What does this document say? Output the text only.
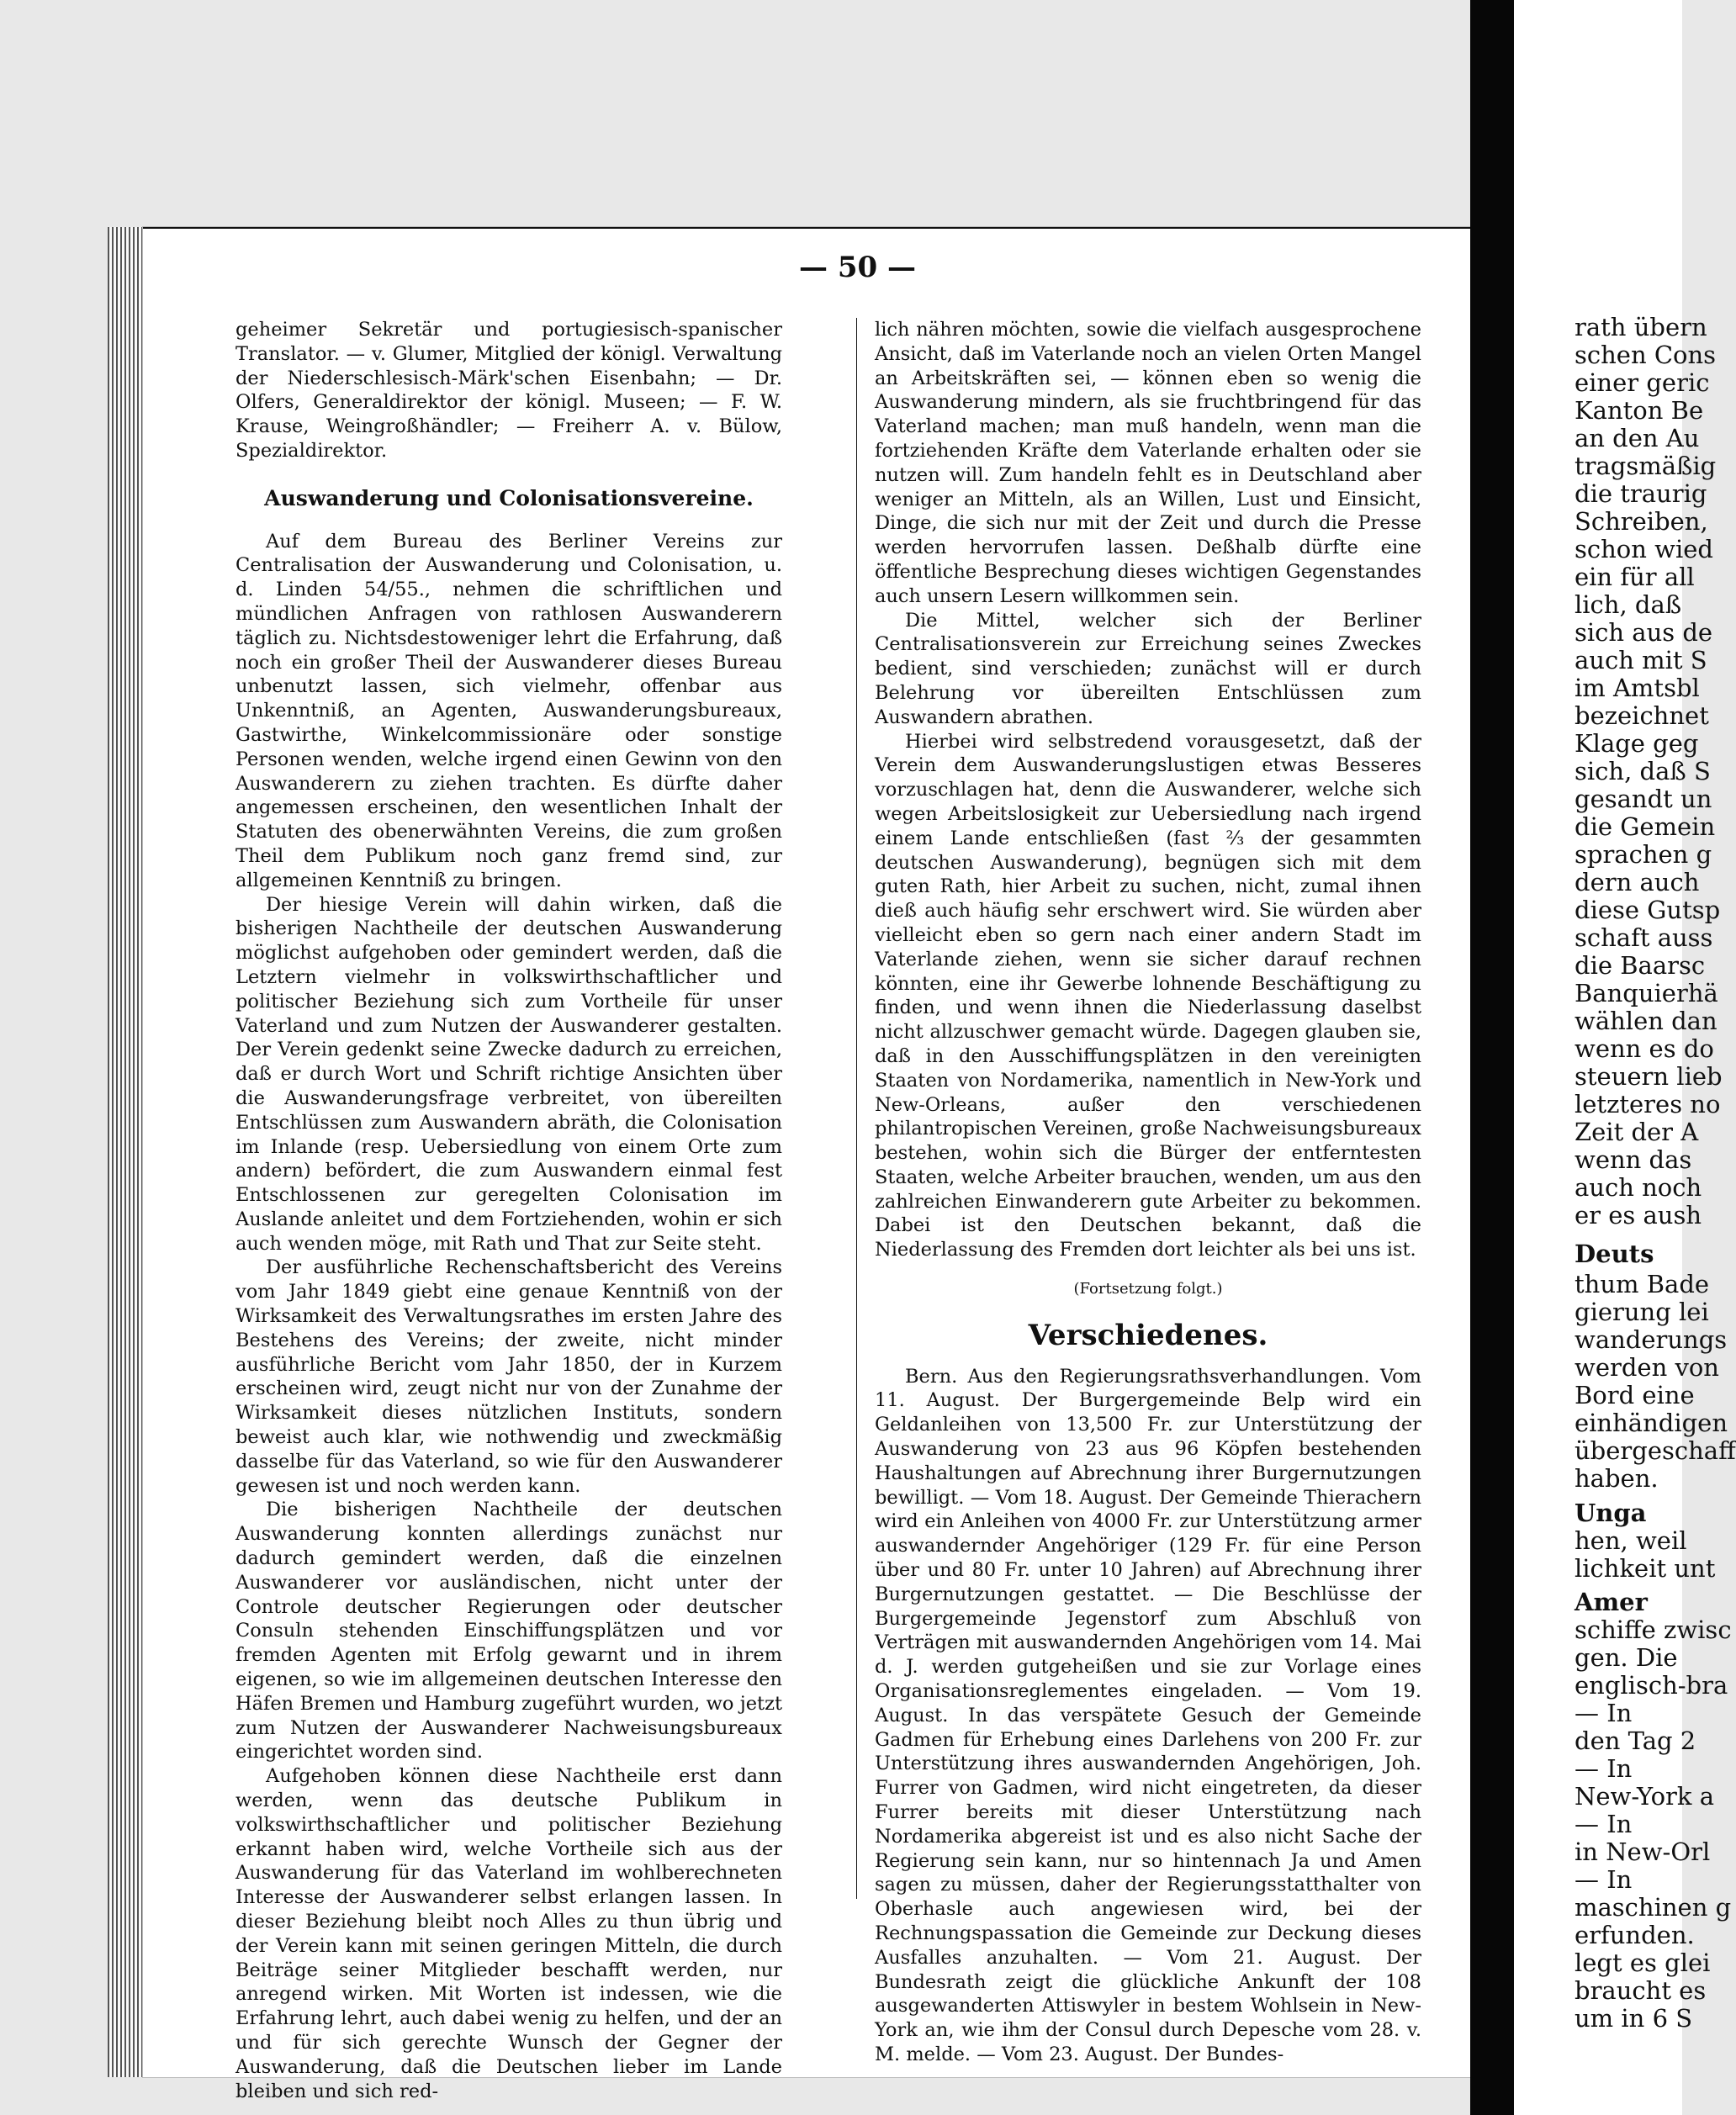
— 50 —

geheimer Sekretär und portugiesisch-spanischer Translator. — v. Glumer, Mitglied der königl. Verwaltung der Niederschlesisch-Märk'schen Eisenbahn; — Dr. Olfers, Generaldirektor der königl. Museen; — F. W. Krause, Weingroßhändler; — Freiherr A. v. Bülow, Spezialdirektor.

Auswanderung und Colonisationsvereine.

Auf dem Bureau des Berliner Vereins zur Centralisation der Auswanderung und Colonisation, u. d. Linden 54/55., nehmen die schriftlichen und mündlichen Anfragen von rathlosen Auswanderern täglich zu. Nichtsdestoweniger lehrt die Erfahrung, daß noch ein großer Theil der Auswanderer dieses Bureau unbenutzt lassen, sich vielmehr, offenbar aus Unkenntniß, an Agenten, Auswanderungsbureaux, Gastwirthe, Winkelcommissionäre oder sonstige Personen wenden, welche irgend einen Gewinn von den Auswanderern zu ziehen trachten. Es dürfte daher angemessen erscheinen, den wesentlichen Inhalt der Statuten des obenerwähnten Vereins, die zum großen Theil dem Publikum noch ganz fremd sind, zur allgemeinen Kenntniß zu bringen.

Der hiesige Verein will dahin wirken, daß die bisherigen Nachtheile der deutschen Auswanderung möglichst aufgehoben oder gemindert werden, daß die Letztern vielmehr in volkswirthschaftlicher und politischer Beziehung sich zum Vortheile für unser Vaterland und zum Nutzen der Auswanderer gestalten. Der Verein gedenkt seine Zwecke dadurch zu erreichen, daß er durch Wort und Schrift richtige Ansichten über die Auswanderungsfrage verbreitet, von übereilten Entschlüssen zum Auswandern abräth, die Colonisation im Inlande (resp. Uebersiedlung von einem Orte zum andern) befördert, die zum Auswandern einmal fest Entschlossenen zur geregelten Colonisation im Auslande anleitet und dem Fortziehenden, wohin er sich auch wenden möge, mit Rath und That zur Seite steht.

Der ausführliche Rechenschaftsbericht des Vereins vom Jahr 1849 giebt eine genaue Kenntniß von der Wirksamkeit des Verwaltungsrathes im ersten Jahre des Bestehens des Vereins; der zweite, nicht minder ausführliche Bericht vom Jahr 1850, der in Kurzem erscheinen wird, zeugt nicht nur von der Zunahme der Wirksamkeit dieses nützlichen Instituts, sondern beweist auch klar, wie nothwendig und zweckmäßig dasselbe für das Vaterland, so wie für den Auswanderer gewesen ist und noch werden kann.

Die bisherigen Nachtheile der deutschen Auswanderung konnten allerdings zunächst nur dadurch gemindert werden, daß die einzelnen Auswanderer vor ausländischen, nicht unter der Controle deutscher Regierungen oder deutscher Consuln stehenden Einschiffungsplätzen und vor fremden Agenten mit Erfolg gewarnt und in ihrem eigenen, so wie im allgemeinen deutschen Interesse den Häfen Bremen und Hamburg zugeführt wurden, wo jetzt zum Nutzen der Auswanderer Nachweisungsbureaux eingerichtet worden sind.

Aufgehoben können diese Nachtheile erst dann werden, wenn das deutsche Publikum in volkswirthschaftlicher und politischer Beziehung erkannt haben wird, welche Vortheile sich aus der Auswanderung für das Vaterland im wohlberechneten Interesse der Auswanderer selbst erlangen lassen. In dieser Beziehung bleibt noch Alles zu thun übrig und der Verein kann mit seinen geringen Mitteln, die durch Beiträge seiner Mitglieder beschafft werden, nur anregend wirken. Mit Worten ist indessen, wie die Erfahrung lehrt, auch dabei wenig zu helfen, und der an und für sich gerechte Wunsch der Gegner der Auswanderung, daß die Deutschen lieber im Lande bleiben und sich red-

lich nähren möchten, sowie die vielfach ausgesprochene Ansicht, daß im Vaterlande noch an vielen Orten Mangel an Arbeitskräften sei, — können eben so wenig die Auswanderung mindern, als sie fruchtbringend für das Vaterland machen; man muß handeln, wenn man die fortziehenden Kräfte dem Vaterlande erhalten oder sie nutzen will. Zum handeln fehlt es in Deutschland aber weniger an Mitteln, als an Willen, Lust und Einsicht, Dinge, die sich nur mit der Zeit und durch die Presse werden hervorrufen lassen. Deßhalb dürfte eine öffentliche Besprechung dieses wichtigen Gegenstandes auch unsern Lesern willkommen sein.

Die Mittel, welcher sich der Berliner Centralisationsverein zur Erreichung seines Zweckes bedient, sind verschieden; zunächst will er durch Belehrung vor übereilten Entschlüssen zum Auswandern abrathen.

Hierbei wird selbstredend vorausgesetzt, daß der Verein dem Auswanderungslustigen etwas Besseres vorzuschlagen hat, denn die Auswanderer, welche sich wegen Arbeitslosigkeit zur Uebersiedlung nach irgend einem Lande entschließen (fast ⅔ der gesammten deutschen Auswanderung), begnügen sich mit dem guten Rath, hier Arbeit zu suchen, nicht, zumal ihnen dieß auch häufig sehr erschwert wird. Sie würden aber vielleicht eben so gern nach einer andern Stadt im Vaterlande ziehen, wenn sie sicher darauf rechnen könnten, eine ihr Gewerbe lohnende Beschäftigung zu finden, und wenn ihnen die Niederlassung daselbst nicht allzuschwer gemacht würde. Dagegen glauben sie, daß in den Ausschiffungsplätzen in den vereinigten Staaten von Nordamerika, namentlich in New-York und New-Orleans, außer den verschiedenen philantropischen Vereinen, große Nachweisungsbureaux bestehen, wohin sich die Bürger der entferntesten Staaten, welche Arbeiter brauchen, wenden, um aus den zahlreichen Einwanderern gute Arbeiter zu bekommen. Dabei ist den Deutschen bekannt, daß die Niederlassung des Fremden dort leichter als bei uns ist.

(Fortsetzung folgt.)
Verschiedenes.

Bern. Aus den Regierungsrathsverhandlungen. Vom 11. August. Der Burgergemeinde Belp wird ein Geldanleihen von 13,500 Fr. zur Unterstützung der Auswanderung von 23 aus 96 Köpfen bestehenden Haushaltungen auf Abrechnung ihrer Burgernutzungen bewilligt. — Vom 18. August. Der Gemeinde Thierachern wird ein Anleihen von 4000 Fr. zur Unterstützung armer auswandernder Angehöriger (129 Fr. für eine Person über und 80 Fr. unter 10 Jahren) auf Abrechnung ihrer Burgernutzungen gestattet. — Die Beschlüsse der Burgergemeinde Jegenstorf zum Abschluß von Verträgen mit auswandernden Angehörigen vom 14. Mai d. J. werden gutgeheißen und sie zur Vorlage eines Organisationsreglementes eingeladen. — Vom 19. August. In das verspätete Gesuch der Gemeinde Gadmen für Erhebung eines Darlehens von 200 Fr. zur Unterstützung ihres auswandernden Angehörigen, Joh. Furrer von Gadmen, wird nicht eingetreten, da dieser Furrer bereits mit dieser Unterstützung nach Nordamerika abgereist ist und es also nicht Sache der Regierung sein kann, nur so hintennach Ja und Amen sagen zu müssen, daher der Regierungsstatthalter von Oberhasle auch angewiesen wird, bei der Rechnungspassation die Gemeinde zur Deckung dieses Ausfalles anzuhalten. — Vom 21. August. Der Bundesrath zeigt die glückliche Ankunft der 108 ausgewanderten Attiswyler in bestem Wohlsein in New-York an, wie ihm der Consul durch Depesche vom 28. v. M. melde. — Vom 23. August. Der Bundes-

rath übern
schen Cons
einer geric
Kanton Be
an den Au
tragsmäßig
die traurig
Schreiben,
schon wied
ein für all
lich, daß
sich aus de
auch mit S
im Amtsbl
bezeichnet
Klage geg
sich, daß S
gesandt un
die Gemein
sprachen g
dern auch
diese Gutsp
schaft auss
die Baarsc
Banquierhä
wählen dan
wenn es do
steuern lieb
letzteres no
Zeit der A
wenn das
auch noch
er es aush
Deuts
thum Bade
gierung lei
wanderungs
werden von
Bord eine
einhändigen
übergeschaff
haben.
Unga
hen, weil
lichkeit unt
Amer
schiffe zwisc
gen. Die
englisch-bra
— In
den Tag 2
— In
New-York a
— In
in New-Orl
— In
maschinen g
erfunden.
legt es glei
braucht es
um in 6 S
